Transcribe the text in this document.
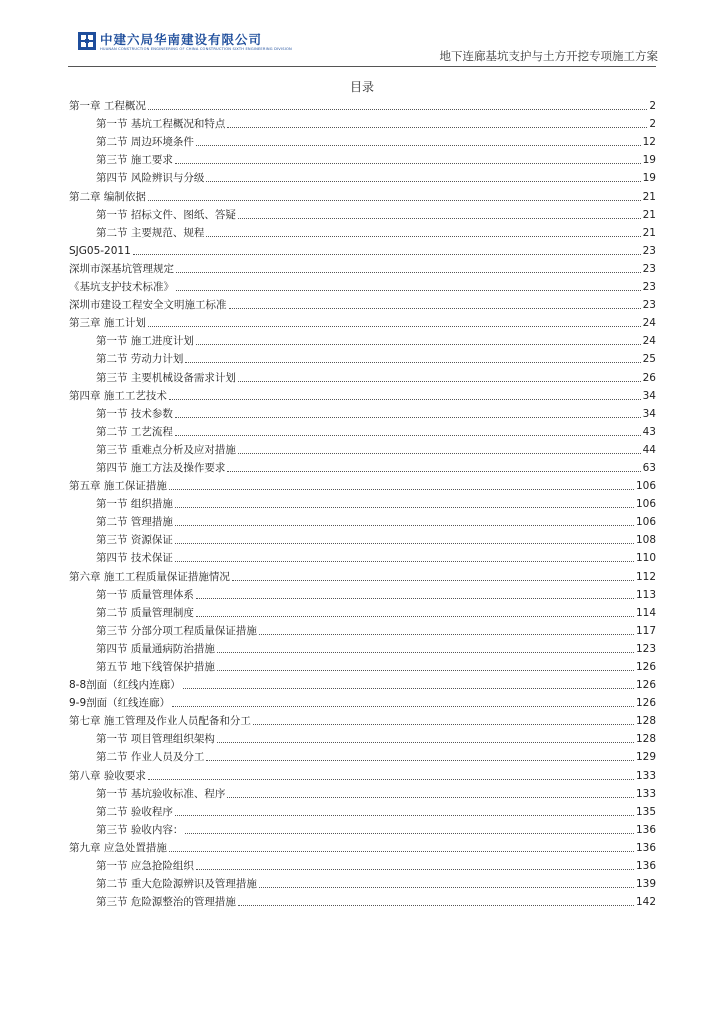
中建六局华南建设有限公司
HUANAN CONSTRUCTION ENGINEERING OF CHINA CONSTRUCTION SIXTH ENGINEERING DIVISION	地下连廊基坑支护与土方开挖专项施工方案
目录
第一章 工程概况	2
第一节 基坑工程概况和特点	2
第二节 周边环境条件	12
第三节 施工要求	19
第四节 风险辨识与分级	19
第二章 编制依据	21
第一节 招标文件、图纸、答疑	21
第二节 主要规范、规程	21
SJG05-2011	23
深圳市深基坑管理规定	23
《基坑支护技术标准》	23
深圳市建设工程安全文明施工标准	23
第三章 施工计划	24
第一节 施工进度计划	24
第二节 劳动力计划	25
第三节 主要机械设备需求计划	26
第四章 施工工艺技术	34
第一节 技术参数	34
第二节 工艺流程	43
第三节 重难点分析及应对措施	44
第四节 施工方法及操作要求	63
第五章 施工保证措施	106
第一节 组织措施	106
第二节 管理措施	106
第三节 资源保证	108
第四节 技术保证	110
第六章 施工工程质量保证措施情况	112
第一节 质量管理体系	113
第二节 质量管理制度	114
第三节 分部分项工程质量保证措施	117
第四节 质量通病防治措施	123
第五节 地下线管保护措施	126
8-8剖面（红线内连廊）	126
9-9剖面（红线连廊）	126
第七章 施工管理及作业人员配备和分工	128
第一节 项目管理组织架构	128
第二节 作业人员及分工	129
第八章 验收要求	133
第一节 基坑验收标准、程序	133
第二节 验收程序	135
第三节 验收内容：	136
第九章 应急处置措施	136
第一节 应急抢险组织	136
第二节 重大危险源辨识及管理措施	139
第三节 危险源整治的管理措施	142
